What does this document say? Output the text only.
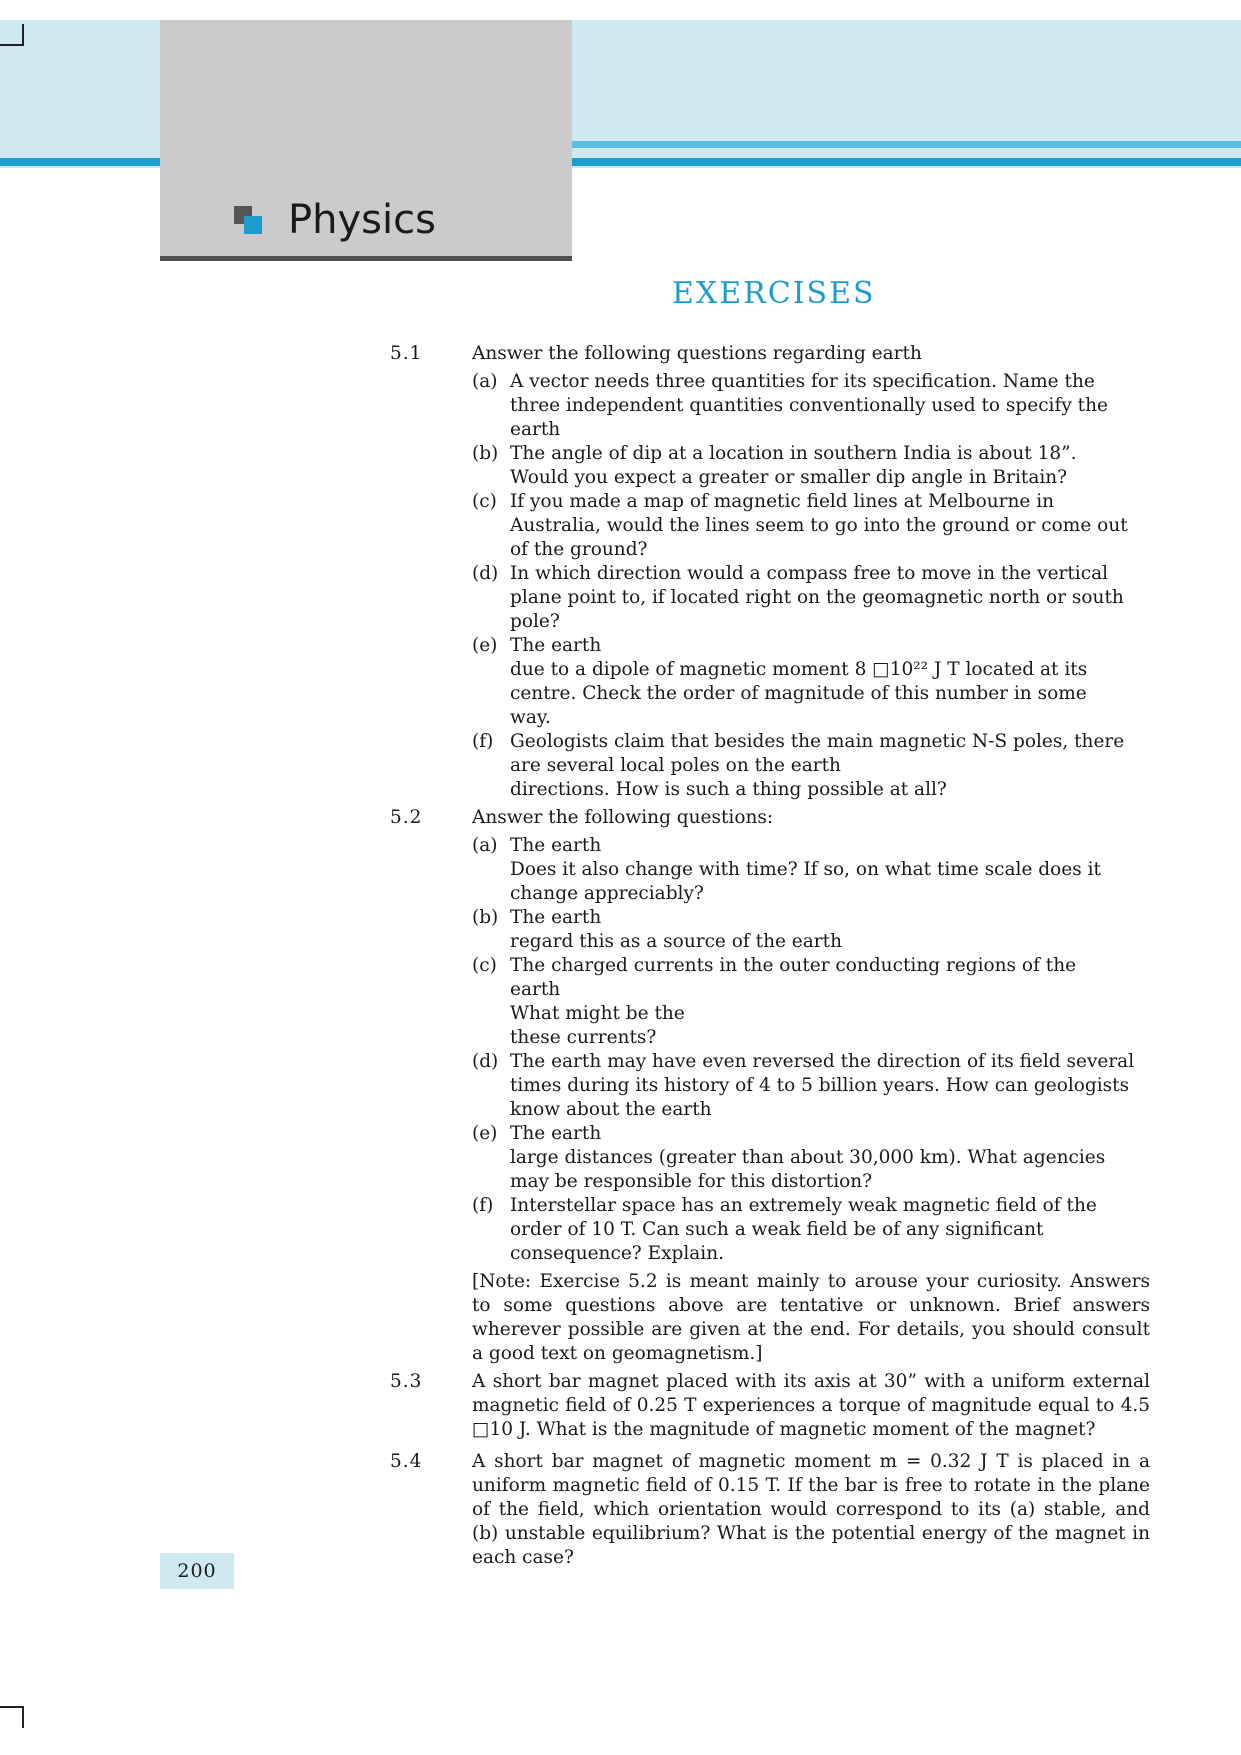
Physics
EXERCISES
5.1	Answer the following questions regarding earth
(a) A vector needs three quantities for its specification. Name the
three independent quantities conventionally used to specify the
earth
(b) The angle of dip at a location in southern India is about 18”.
Would you expect a greater or smaller dip angle in Britain?
(c) If you made a map of magnetic field lines at Melbourne in
Australia, would the lines seem to go into the ground or come out
of the ground?
(d) In which direction would a compass free to move in the vertical
plane point to, if located right on the geomagnetic north or south
pole?
(e) The earth
due to a dipole of magnetic moment 8 □10²² J T located at its
centre. Check the order of magnitude of this number in some
way.
(f) Geologists claim that besides the main magnetic N-S poles, there
are several local poles on the earth
directions. How is such a thing possible at all?
5.2	Answer the following questions:
(a) The earth
Does it also change with time? If so, on what time scale does it
change appreciably?
(b) The earth
regard this as a source of the earth
(c) The charged currents in the outer conducting regions of the
earth
What might be the
these currents?
(d) The earth may have even reversed the direction of its field several
times during its history of 4 to 5 billion years. How can geologists
know about the earth
(e) The earth
large distances (greater than about 30,000 km). What agencies
may be responsible for this distortion?
(f) Interstellar space has an extremely weak magnetic field of the
order of 10 T. Can such a weak field be of any significant
consequence? Explain.
[Note: Exercise 5.2 is meant mainly to arouse your curiosity. Answers to some questions above are tentative or unknown. Brief answers wherever possible are given at the end. For details, you should consult a good text on geomagnetism.]
5.3	A short bar magnet placed with its axis at 30” with a uniform external magnetic field of 0.25 T experiences a torque of magnitude equal to 4.5 □10 J. What is the magnitude of magnetic moment of the magnet?
5.4	A short bar magnet of magnetic moment m = 0.32 J T is placed in a uniform magnetic field of 0.15 T. If the bar is free to rotate in the plane of the field, which orientation would correspond to its (a) stable, and (b) unstable equilibrium? What is the potential energy of the magnet in each case?
200
